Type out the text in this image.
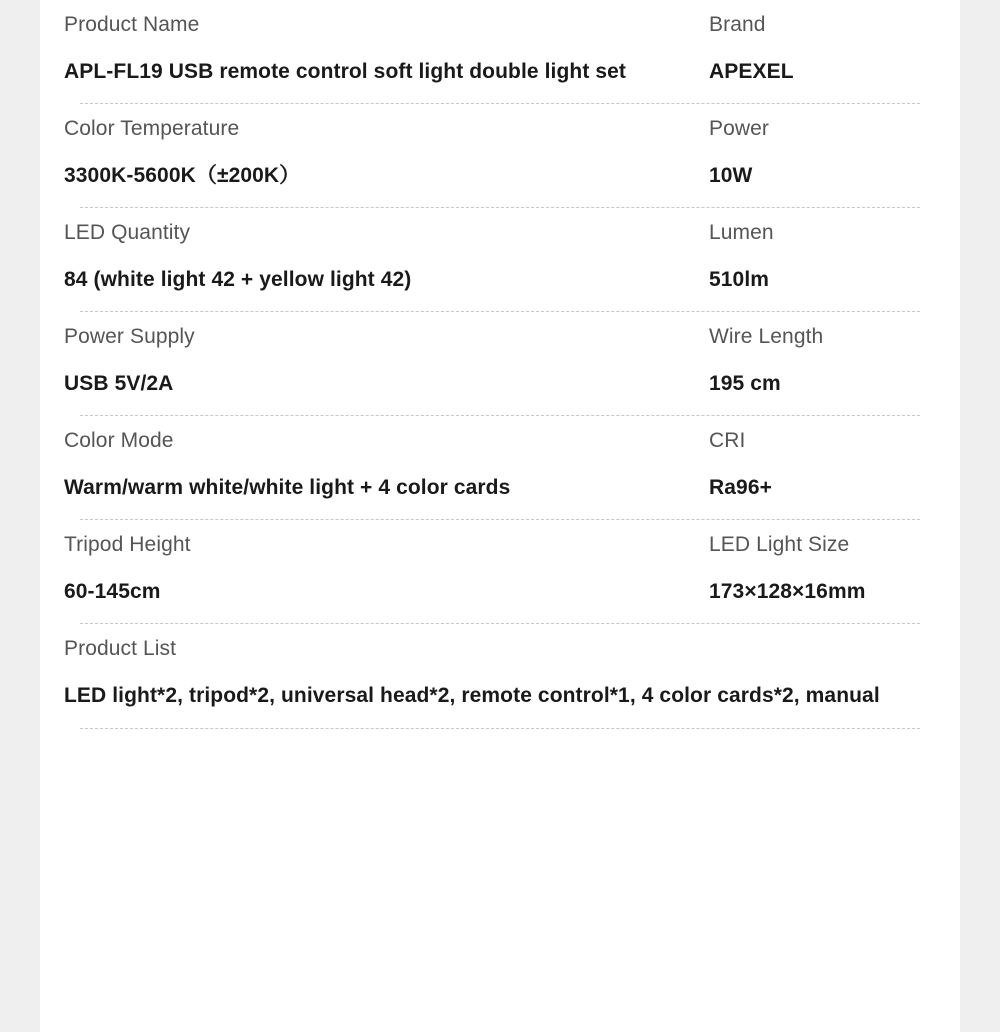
Product Name
APL-FL19 USB remote control soft light double light set
Brand
APEXEL
Color Temperature
3300K-5600K（±200K）
Power
10W
LED Quantity
84 (white light 42 + yellow light 42)
Lumen
510lm
Power Supply
USB 5V/2A
Wire Length
195 cm
Color Mode
Warm/warm white/white light + 4 color cards
CRI
Ra96+
Tripod Height
60-145cm
LED Light Size
173×128×16mm
Product List
LED light*2, tripod*2, universal head*2, remote control*1, 4 color cards*2, manual
